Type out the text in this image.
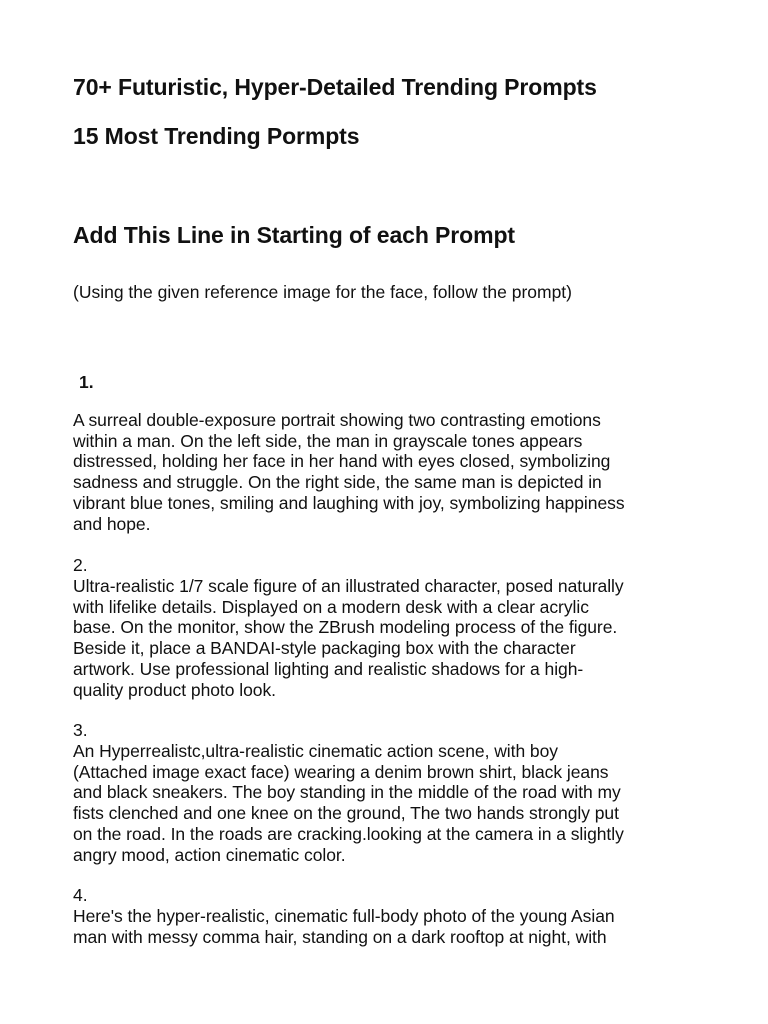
70+ Futuristic, Hyper-Detailed Trending Prompts
15 Most Trending Pormpts
Add This Line in Starting of each Prompt

(Using the given reference image for the face, follow the prompt)

1.

A surreal double-exposure portrait showing two contrasting emotions
within a man. On the left side, the man in grayscale tones appears
distressed, holding her face in her hand with eyes closed, symbolizing
sadness and struggle. On the right side, the same man is depicted in
vibrant blue tones, smiling and laughing with joy, symbolizing happiness
and hope.

2.

Ultra-realistic 1/7 scale figure of an illustrated character, posed naturally
with lifelike details. Displayed on a modern desk with a clear acrylic
base. On the monitor, show the ZBrush modeling process of the figure.
Beside it, place a BANDAI-style packaging box with the character
artwork. Use professional lighting and realistic shadows for a high-
quality product photo look.

3.

An Hyperrealistc,ultra-realistic cinematic action scene, with boy
(Attached image exact face) wearing a denim brown shirt, black jeans
and black sneakers. The boy standing in the middle of the road with my
fists clenched and one knee on the ground, The two hands strongly put
on the road. In the roads are cracking.looking at the camera in a slightly
angry mood, action cinematic color.

4.

Here's the hyper-realistic, cinematic full-body photo of the young Asian
man with messy comma hair, standing on a dark rooftop at night, with
